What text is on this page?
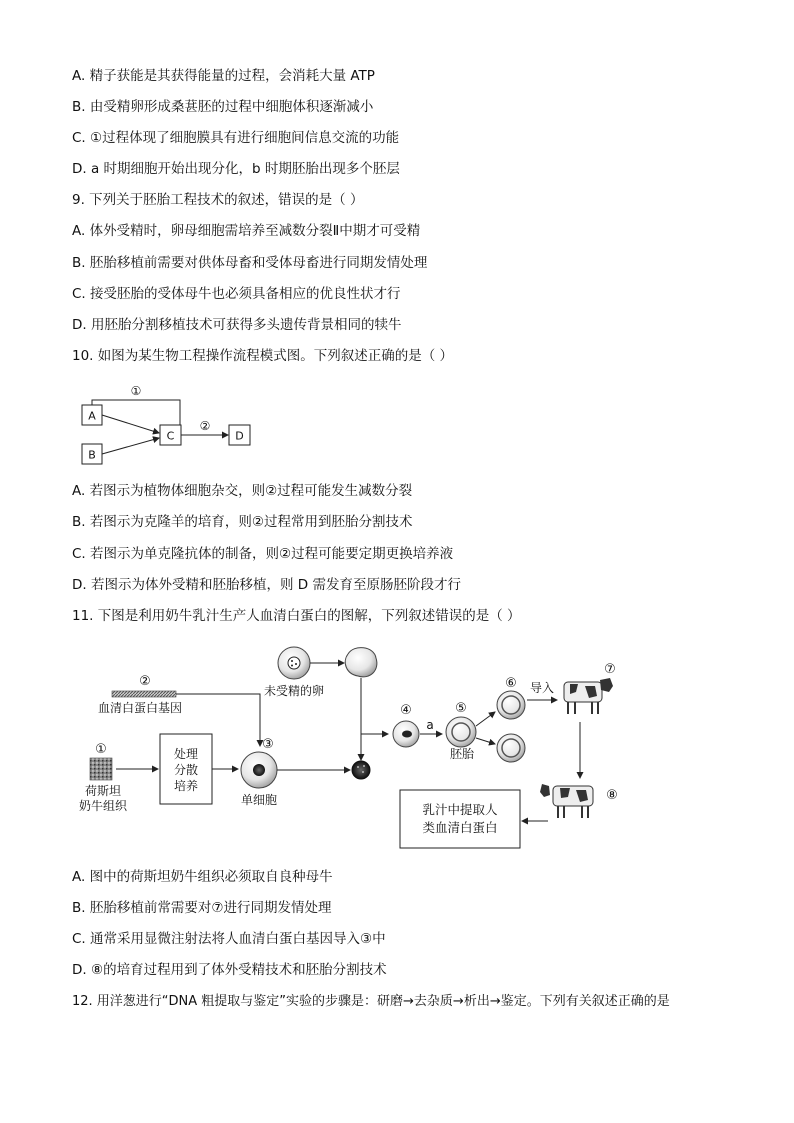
A. 精子获能是其获得能量的过程，会消耗大量 ATP
B. 由受精卵形成桑葚胚的过程中细胞体积逐渐减小
C. ①过程体现了细胞膜具有进行细胞间信息交流的功能
D. a 时期细胞开始出现分化，b 时期胚胎出现多个胚层
9. 下列关于胚胎工程技术的叙述，错误的是（ ）
A. 体外受精时，卵母细胞需培养至减数分裂Ⅱ中期才可受精
B. 胚胎移植前需要对供体母畜和受体母畜进行同期发情处理
C. 接受胚胎的受体母牛也必须具备相应的优良性状才行
D. 用胚胎分割移植技术可获得多头遗传背景相同的犊牛
10. 如图为某生物工程操作流程模式图。下列叙述正确的是（ ）
①
A
B
C	D
②
A. 若图示为植物体细胞杂交，则②过程可能发生减数分裂
B. 若图示为克隆羊的培育，则②过程常用到胚胎分割技术
C. 若图示为单克隆抗体的制备，则②过程可能要定期更换培养液
D. 若图示为体外受精和胚胎移植，则 D 需发育至原肠胚阶段才行
11. 下图是利用奶牛乳汁生产人血清白蛋白的图解，下列叙述错误的是（ ）
②
血清白蛋白基因
未受精的卵
①
荷斯坦
奶牛组织
处理
分散
培养
③
单细胞
④
a
⑤
胚胎
⑥ 导入
⑦
⑧
乳汁中提取人
类血清白蛋白
A. 图中的荷斯坦奶牛组织必须取自良种母牛
B. 胚胎移植前常需要对⑦进行同期发情处理
C. 通常采用显微注射法将人血清白蛋白基因导入③中
D. ⑧的培育过程用到了体外受精技术和胚胎分割技术
12. 用洋葱进行“DNA 粗提取与鉴定”实验的步骤是：研磨→去杂质→析出→鉴定。下列有关叙述正确的是
